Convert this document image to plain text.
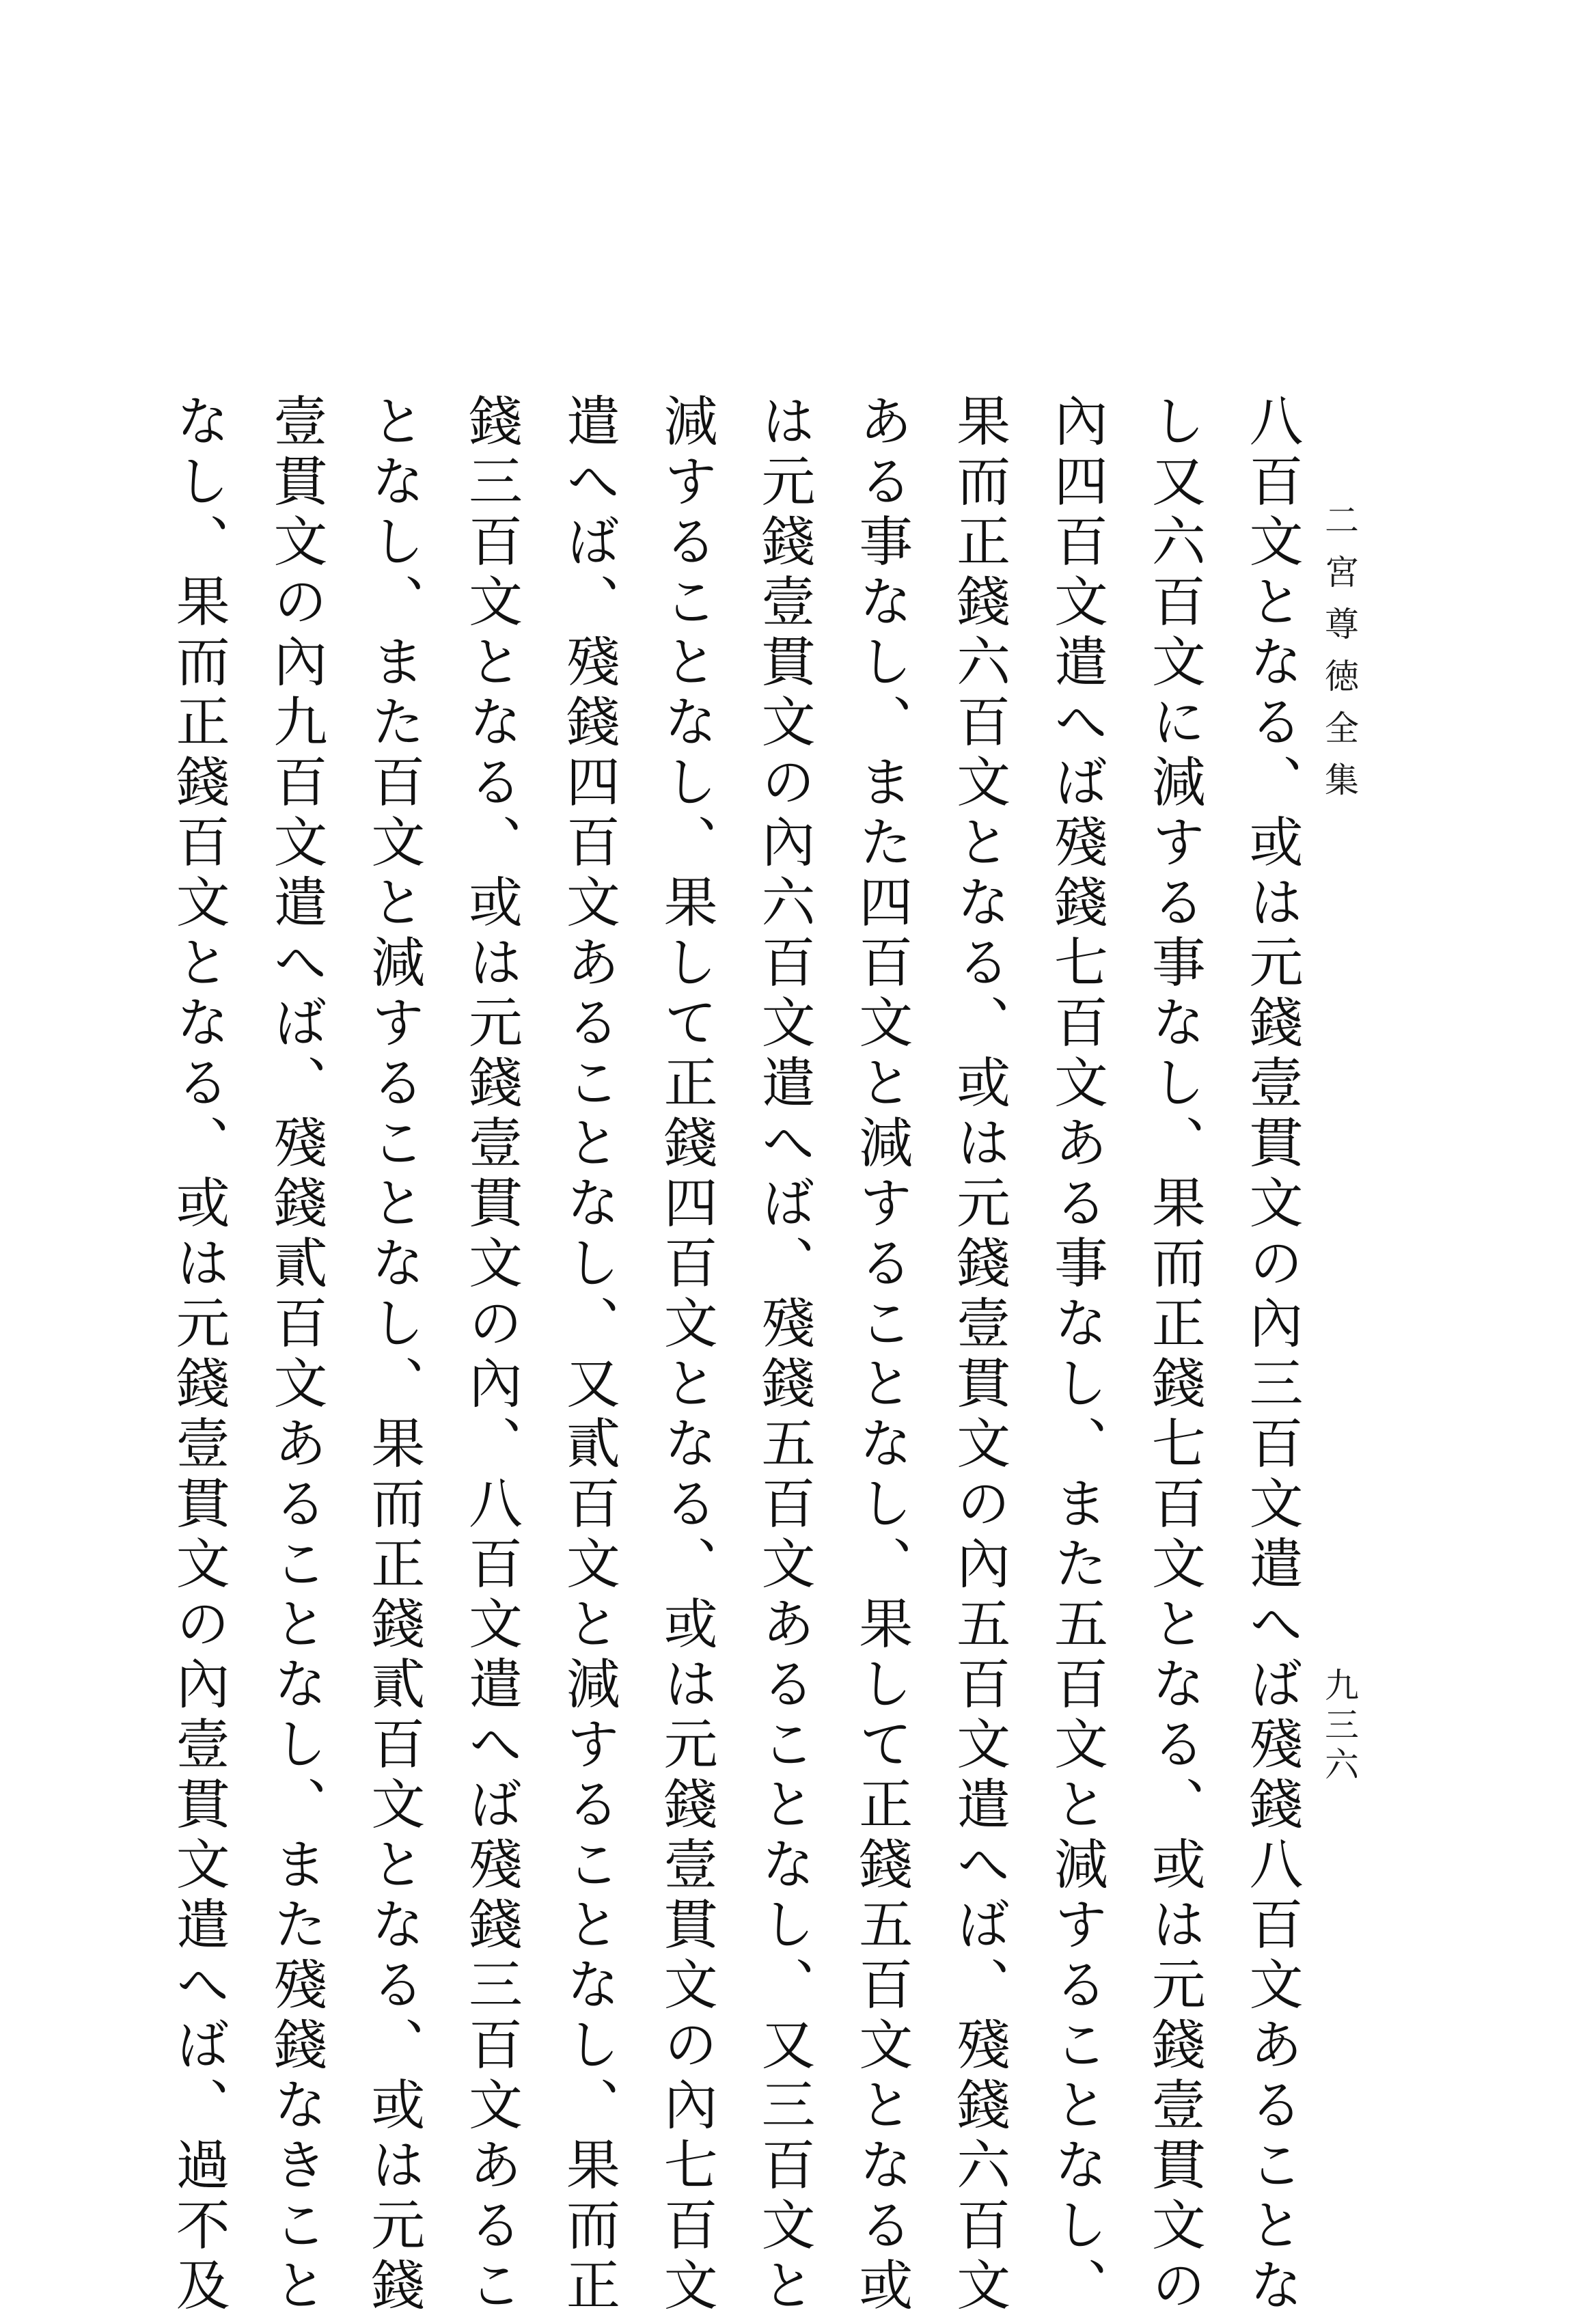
二宮尊徳全集
九三六
八百文となる、或は元錢壹貫文の內三百文遣へば殘錢八百文あることな
し又六百文に減する事なし、果而正錢七百文となる、或は元錢壹貫文の
內四百文遣へば殘錢七百文ある事なし、また五百文と減することなし、
果而正錢六百文となる、或は元錢壹貫文の內五百文遣へば、殘錢六百文
ある事なし、また四百文と減することなし、果して正錢五百文となる或
は元錢壹貫文の內六百文遣へば、殘錢五百文あることなし、又三百文と
減することなし、果して正錢四百文となる、或は元錢壹貫文の內七百文
遣へば、殘錢四百文あることなし、又貳百文と減することなし、果而正
錢三百文となる、或は元錢壹貫文の內、八百文遣へば殘錢三百文あるこ
となし、また百文と減することなし、果而正錢貳百文となる、或は元錢
壹貫文の內九百文遣へば、殘錢貳百文あることなし、また殘錢なきこと
なし、果而正錢百文となる、或は元錢壹貫文の內壹貫文遣へば、過不及
